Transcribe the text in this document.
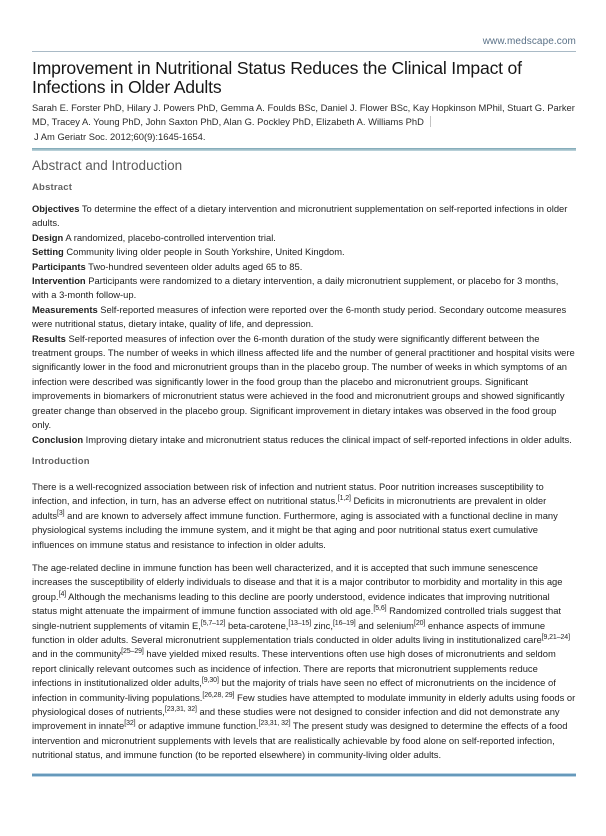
www.medscape.com
Improvement in Nutritional Status Reduces the Clinical Impact of Infections in Older Adults

Sarah E. Forster PhD, Hilary J. Powers PhD, Gemma A. Foulds BSc, Daniel J. Flower BSc, Kay Hopkinson MPhil, Stuart G. Parker MD, Tracey A. Young PhD, John Saxton PhD, Alan G. Pockley PhD, Elizabeth A. Williams PhD

J Am Geriatr Soc. 2012;60(9):1645-1654.

Abstract and Introduction
Abstract

Objectives To determine the effect of a dietary intervention and micronutrient supplementation on self-reported infections in older adults.

Design A randomized, placebo-controlled intervention trial.

Setting Community living older people in South Yorkshire, United Kingdom.

Participants Two-hundred seventeen older adults aged 65 to 85.

Intervention Participants were randomized to a dietary intervention, a daily micronutrient supplement, or placebo for 3 months, with a 3-month follow-up.

Measurements Self-reported measures of infection were reported over the 6-month study period. Secondary outcome measures were nutritional status, dietary intake, quality of life, and depression.

Results Self-reported measures of infection over the 6-month duration of the study were significantly different between the treatment groups. The number of weeks in which illness affected life and the number of general practitioner and hospital visits were significantly lower in the food and micronutrient groups than in the placebo group. The number of weeks in which symptoms of an infection were described was significantly lower in the food group than the placebo and micronutrient groups. Significant improvements in biomarkers of micronutrient status were achieved in the food and micronutrient groups and showed significantly greater change than observed in the placebo group. Significant improvement in dietary intakes was observed in the food group only.

Conclusion Improving dietary intake and micronutrient status reduces the clinical impact of self-reported infections in older adults.

Introduction

There is a well-recognized association between risk of infection and nutrient status. Poor nutrition increases susceptibility to infection, and infection, in turn, has an adverse effect on nutritional status.[1,2] Deficits in micronutrients are prevalent in older adults[3] and are known to adversely affect immune function. Furthermore, aging is associated with a functional decline in many physiological systems including the immune system, and it might be that aging and poor nutritional status exert cumulative influences on immune status and resistance to infection in older adults.

The age-related decline in immune function has been well characterized, and it is accepted that such immune senescence increases the susceptibility of elderly individuals to disease and that it is a major contributor to morbidity and mortality in this age group.[4] Although the mechanisms leading to this decline are poorly understood, evidence indicates that improving nutritional status might attenuate the impairment of immune function associated with old age.[5,6] Randomized controlled trials suggest that single-nutrient supplements of vitamin E,[5,7–12] beta-carotene,[13–15] zinc,[16–19] and selenium[20] enhance aspects of immune function in older adults. Several micronutrient supplementation trials conducted in older adults living in institutionalized care[9,21–24] and in the community[25–29] have yielded mixed results. These interventions often use high doses of micronutrients and seldom report clinically relevant outcomes such as incidence of infection. There are reports that micronutrient supplements reduce infections in institutionalized older adults,[9,30] but the majority of trials have seen no effect of micronutrients on the incidence of infection in community-living populations.[26,28, 29] Few studies have attempted to modulate immunity in elderly adults using foods or physiological doses of nutrients,[23,31, 32] and these studies were not designed to consider infection and did not demonstrate any improvement in innate[32] or adaptive immune function.[23,31, 32] The present study was designed to determine the effects of a food intervention and micronutrient supplements with levels that are realistically achievable by food alone on self-reported infection, nutritional status, and immune function (to be reported elsewhere) in community-living older adults.
